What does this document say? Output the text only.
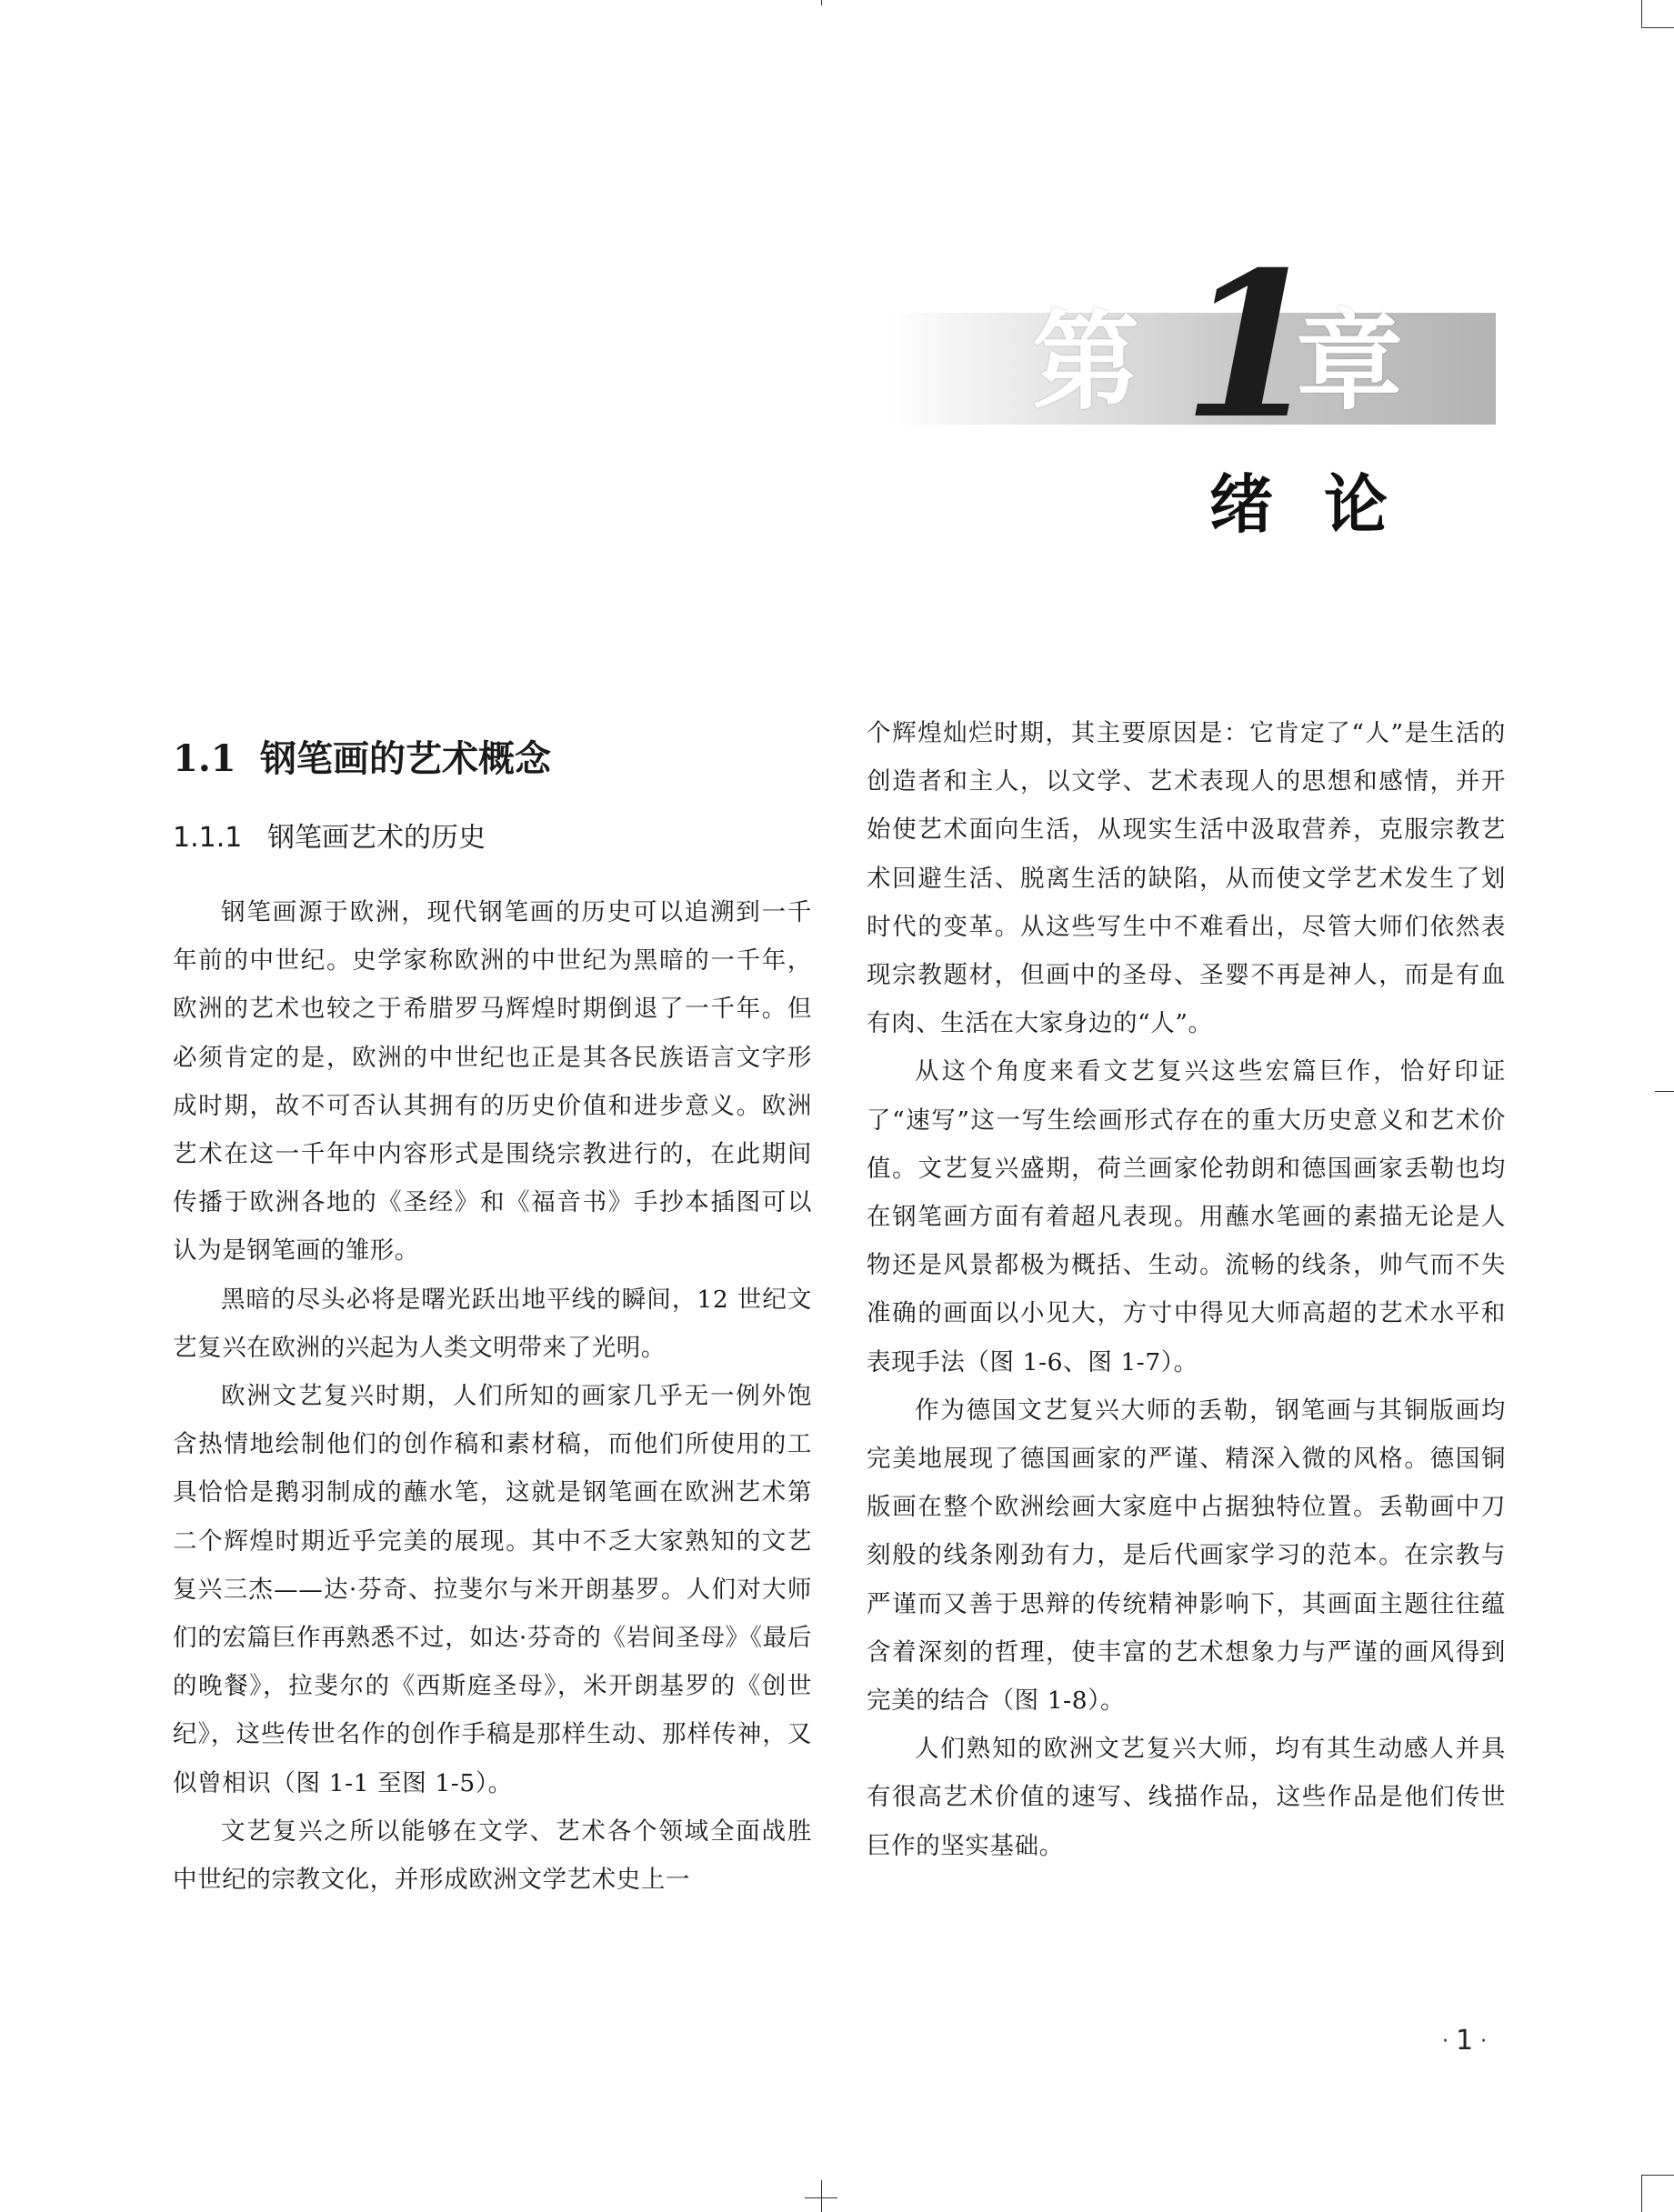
第 1
章
绪论
1.1 钢笔画的艺术概念
1.1.1 钢笔画艺术的历史

钢笔画源于欧洲，现代钢笔画的历史可以追溯到一千年前的中世纪。史学家称欧洲的中世纪为黑暗的一千年，欧洲的艺术也较之于希腊罗马辉煌时期倒退了一千年。但必须肯定的是，欧洲的中世纪也正是其各民族语言文字形成时期，故不可否认其拥有的历史价值和进步意义。欧洲艺术在这一千年中内容形式是围绕宗教进行的，在此期间传播于欧洲各地的《圣经》和《福音书》手抄本插图可以认为是钢笔画的雏形。

黑暗的尽头必将是曙光跃出地平线的瞬间，12 世纪文艺复兴在欧洲的兴起为人类文明带来了光明。

欧洲文艺复兴时期，人们所知的画家几乎无一例外饱含热情地绘制他们的创作稿和素材稿，而他们所使用的工具恰恰是鹅羽制成的蘸水笔，这就是钢笔画在欧洲艺术第二个辉煌时期近乎完美的展现。其中不乏大家熟知的文艺复兴三杰——达·芬奇、拉斐尔与米开朗基罗。人们对大师们的宏篇巨作再熟悉不过，如达·芬奇的《岩间圣母》《最后的晚餐》，拉斐尔的《西斯庭圣母》，米开朗基罗的《创世纪》，这些传世名作的创作手稿是那样生动、那样传神，又似曾相识（图 1-1 至图 1-5）。

文艺复兴之所以能够在文学、艺术各个领域全面战胜中世纪的宗教文化，并形成欧洲文学艺术史上一

个辉煌灿烂时期，其主要原因是：它肯定了“人”是生活的创造者和主人，以文学、艺术表现人的思想和感情，并开始使艺术面向生活，从现实生活中汲取营养，克服宗教艺术回避生活、脱离生活的缺陷，从而使文学艺术发生了划时代的变革。从这些写生中不难看出，尽管大师们依然表现宗教题材，但画中的圣母、圣婴不再是神人，而是有血有肉、生活在大家身边的“人”。

从这个角度来看文艺复兴这些宏篇巨作，恰好印证了“速写”这一写生绘画形式存在的重大历史意义和艺术价值。文艺复兴盛期，荷兰画家伦勃朗和德国画家丢勒也均在钢笔画方面有着超凡表现。用蘸水笔画的素描无论是人物还是风景都极为概括、生动。流畅的线条，帅气而不失准确的画面以小见大，方寸中得见大师高超的艺术水平和表现手法（图 1-6、图 1-7）。

作为德国文艺复兴大师的丢勒，钢笔画与其铜版画均完美地展现了德国画家的严谨、精深入微的风格。德国铜版画在整个欧洲绘画大家庭中占据独特位置。丢勒画中刀刻般的线条刚劲有力，是后代画家学习的范本。在宗教与严谨而又善于思辩的传统精神影响下，其画面主题往往蕴含着深刻的哲理，使丰富的艺术想象力与严谨的画风得到完美的结合（图 1-8）。

人们熟知的欧洲文艺复兴大师，均有其生动感人并具有很高艺术价值的速写、线描作品，这些作品是他们传世巨作的坚实基础。

· 1 ·
